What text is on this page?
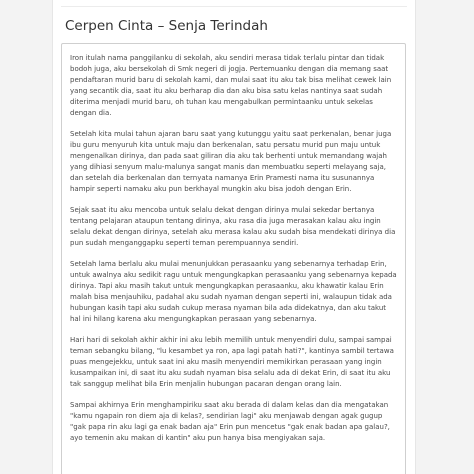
Cerpen Cinta – Senja Terindah

Iron itulah nama panggilanku di sekolah, aku sendiri merasa tidak terlalu pintar dan tidak bodoh juga, aku bersekolah di Smk negeri di jogja. Pertemuanku dengan dia memang saat pendaftaran murid baru di sekolah kami, dan mulai saat itu aku tak bisa melihat cewek lain yang secantik dia, saat itu aku berharap dia dan aku bisa satu kelas nantinya saat sudah diterima menjadi murid baru, oh tuhan kau mengabulkan permintaanku untuk sekelas dengan dia.

Setelah kita mulai tahun ajaran baru saat yang kutunggu yaitu saat perkenalan, benar juga ibu guru menyuruh kita untuk maju dan berkenalan, satu persatu murid pun maju untuk mengenalkan dirinya, dan pada saat giliran dia aku tak berhenti untuk memandang wajah yang dihiasi senyum malu-malunya sangat manis dan membuatku seperti melayang saja, dan setelah dia berkenalan dan ternyata namanya Erin Pramesti nama itu susunannya hampir seperti namaku aku pun berkhayal mungkin aku bisa jodoh dengan Erin.

Sejak saat itu aku mencoba untuk selalu dekat dengan dirinya mulai sekedar bertanya tentang pelajaran ataupun tentang dirinya, aku rasa dia juga merasakan kalau aku ingin selalu dekat dengan dirinya, setelah aku merasa kalau aku sudah bisa mendekati dirinya dia pun sudah menganggapku seperti teman perempuannya sendiri.

Setelah lama berlalu aku mulai menunjukkan perasaanku yang sebenarnya terhadap Erin, untuk awalnya aku sedikit ragu untuk mengungkapkan perasaanku yang sebenarnya kepada dirinya. Tapi aku masih takut untuk mengungkapkan perasaanku, aku khawatir kalau Erin malah bisa menjauhiku, padahal aku sudah nyaman dengan seperti ini, walaupun tidak ada hubungan kasih tapi aku sudah cukup merasa nyaman bila ada didekatnya, dan aku takut hal ini hilang karena aku mengungkapkan perasaan yang sebenarnya.

Hari hari di sekolah akhir akhir ini aku lebih memilih untuk menyendiri dulu, sampai sampai teman sebangku bilang, "lu kesambet ya ron, apa lagi patah hati?", kantinya sambil tertawa puas mengejekku, untuk saat ini aku masih menyendiri memikirkan perasaan yang ingin kusampaikan ini, di saat itu aku sudah nyaman bisa selalu ada di dekat Erin, di saat itu aku tak sanggup melihat bila Erin menjalin hubungan pacaran dengan orang lain.

Sampai akhirnya Erin menghampiriku saat aku berada di dalam kelas dan dia mengatakan "kamu ngapain ron diem aja di kelas?, sendirian lagi" aku menjawab dengan agak gugup "gak papa rin aku lagi ga enak badan aja" Erin pun mencetus "gak enak badan apa galau?, ayo temenin aku makan di kantin" aku pun hanya bisa mengiyakan saja.
